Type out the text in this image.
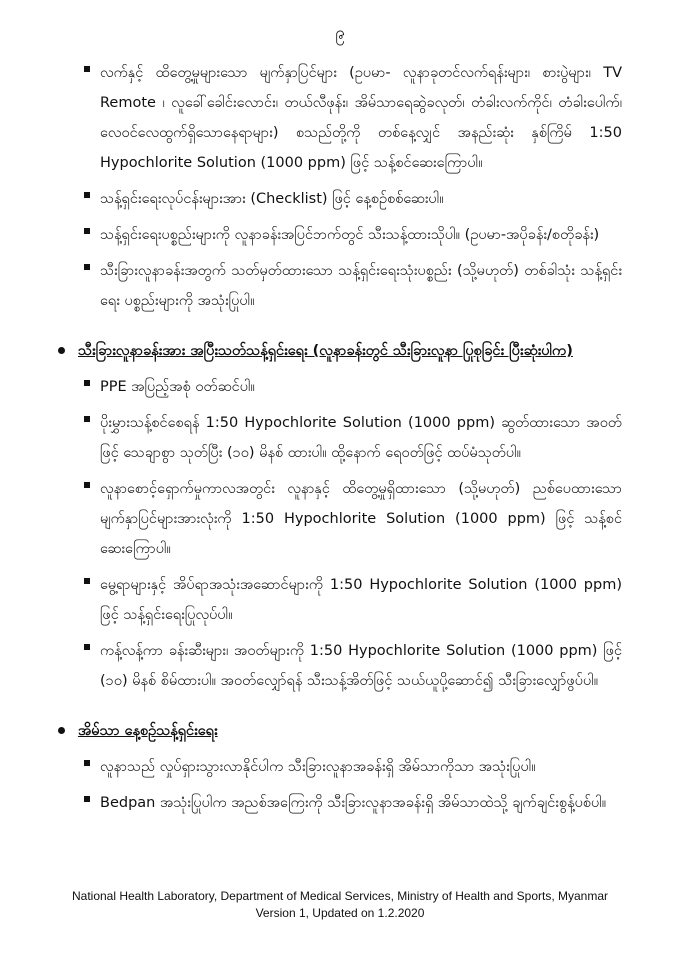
၉
လက်နှင့် ထိတွေ့မှုများသော မျက်နှာပြင်များ (ဥပမာ- လူနာခုတင်လက်ရန်းများ၊ စားပွဲများ၊ TV Remote ၊ လူခေါ်ခေါင်းလောင်း၊ တယ်လီဖုန်း၊ အိမ်သာရေဆွဲခလုတ်၊ တံခါးလက်ကိုင်၊ တံခါးပေါက်၊ လေဝင်လေထွက်ရှိသောနေရာများ) စသည်တို့ကို တစ်နေ့လျှင် အနည်းဆုံး နှစ်ကြိမ် 1:50 Hypochlorite Solution (1000 ppm) ဖြင့် သန့်စင်ဆေးကြောပါ။
သန့်ရှင်းရေးလုပ်ငန်းများအား (Checklist) ဖြင့် နေ့စဉ်စစ်ဆေးပါ။
သန့်ရှင်းရေးပစ္စည်းများကို လူနာခန်းအပြင်ဘက်တွင် သီးသန့်ထားသိုပါ။ (ဥပမာ-အပိုခန်း/စတိုခန်း)
သီးခြားလူနာခန်းအတွက် သတ်မှတ်ထားသော သန့်ရှင်းရေးသုံးပစ္စည်း (သို့မဟုတ်) တစ်ခါသုံး သန့်ရှင်းရေး ပစ္စည်းများကို အသုံးပြုပါ။
သီးခြားလူနာခန်းအား အပြီးသတ်သန့်ရှင်းရေး (လူနာခန်းတွင် သီးခြားလူနာ ပြုစုခြင်း ပြီးဆုံးပါက)
PPE အပြည့်အစုံ ဝတ်ဆင်ပါ။
ပိုးမွှားသန့်စင်စေရန် 1:50 Hypochlorite Solution (1000 ppm) ဆွတ်ထားသော အဝတ်ဖြင့် သေချာစွာ သုတ်ပြီး (၁၀) မိနစ် ထားပါ။ ထို့နောက် ရေဝတ်ဖြင့် ထပ်မံသုတ်ပါ။
လူနာစောင့်ရှောက်မှုကာလအတွင်း လူနာနှင့် ထိတွေ့မှုရှိထားသော (သို့မဟုတ်) ညစ်ပေထားသော မျက်နှာပြင်များအားလုံးကို 1:50 Hypochlorite Solution (1000 ppm) ဖြင့် သန့်စင်ဆေးကြောပါ။
မွေ့ရာများနှင့် အိပ်ရာအသုံးအဆောင်များကို 1:50 Hypochlorite Solution (1000 ppm) ဖြင့် သန့်ရှင်းရေးပြုလုပ်ပါ။
ကန့်လန့်ကာ ခန်းဆီးများ၊ အဝတ်များကို 1:50 Hypochlorite Solution (1000 ppm) ဖြင့် (၁၀) မိနစ် စိမ်ထားပါ။ အဝတ်လျှော်ရန် သီးသန့်အိတ်ဖြင့် သယ်ယူပို့ဆောင်၍ သီးခြားလျှော်ဖွပ်ပါ။
အိမ်သာ နေ့စဉ်သန့်ရှင်းရေး
လူနာသည် လှုပ်ရှားသွားလာနိုင်ပါက သီးခြားလူနာအခန်းရှိ အိမ်သာကိုသာ အသုံးပြုပါ။
Bedpan အသုံးပြုပါက အညစ်အကြေးကို သီးခြားလူနာအခန်းရှိ အိမ်သာထဲသို့ ချက်ချင်းစွန့်ပစ်ပါ။
National Health Laboratory, Department of Medical Services, Ministry of Health and Sports, Myanmar
Version 1, Updated on 1.2.2020
